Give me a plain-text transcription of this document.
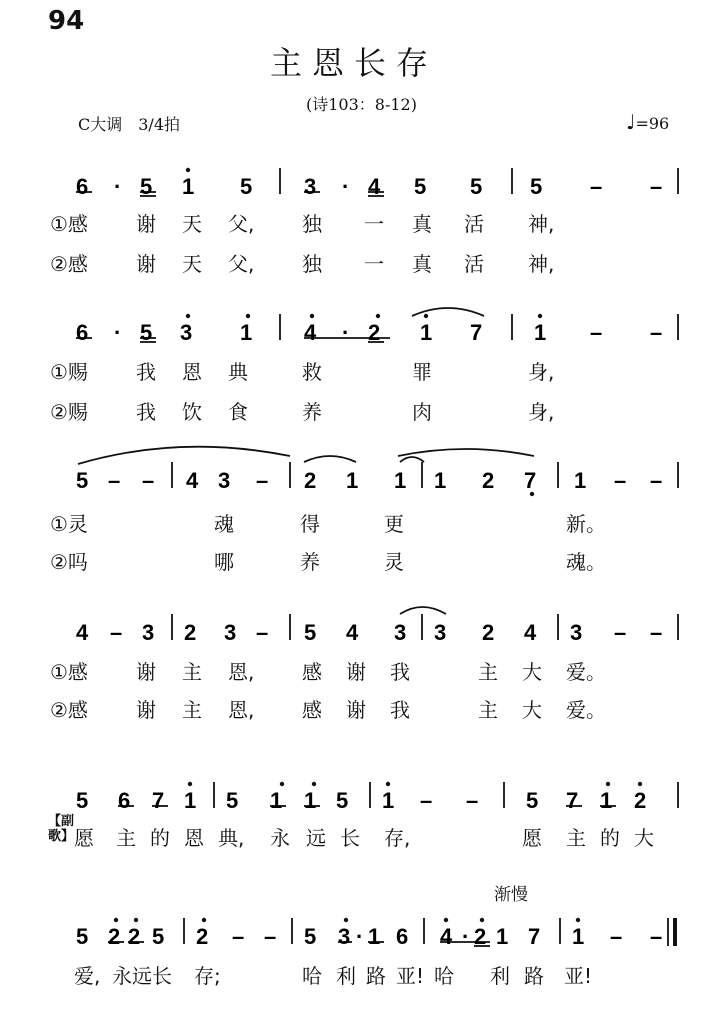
94
主恩长存
(诗103：8-12)
C大调　3/4拍	♩=96
6 · 5 1 5 3 · 4 5 5 5 – –
6 · 5 3 1 4 · 2 1 7 1 – –
5 – – 4 3 – 2 1 1 1 2 7 1 – –
4 – 3 2 3 – 5 4 3 3 2 4 3 – –
5 6 7 1 5 1 1 5 1 – – 5 7 1 2
5 2 2 5 2 – – 5 3 · 1 6 4 · 2 1 7 1 – –
【副歌】
渐慢
①感 谢 天 父, 独 一 真 活 神,
②感 谢 天 父, 独 一 真 活 神,
①赐 我 恩 典	救	罪	身,
②赐 我 饮 食	养	肉	身,
①灵	魂	得	更	新。
②吗	哪	养	灵	魂。
①感 谢 主 恩, 感 谢 我	主 大 爱。
②感 谢 主 恩, 感 谢 我	主 大 爱。
愿 主 的 恩 典, 永 远 长 存,	愿 主 的 大
爱, 永 远 长 存;	哈 利 路 亚! 哈 利 路 亚!
